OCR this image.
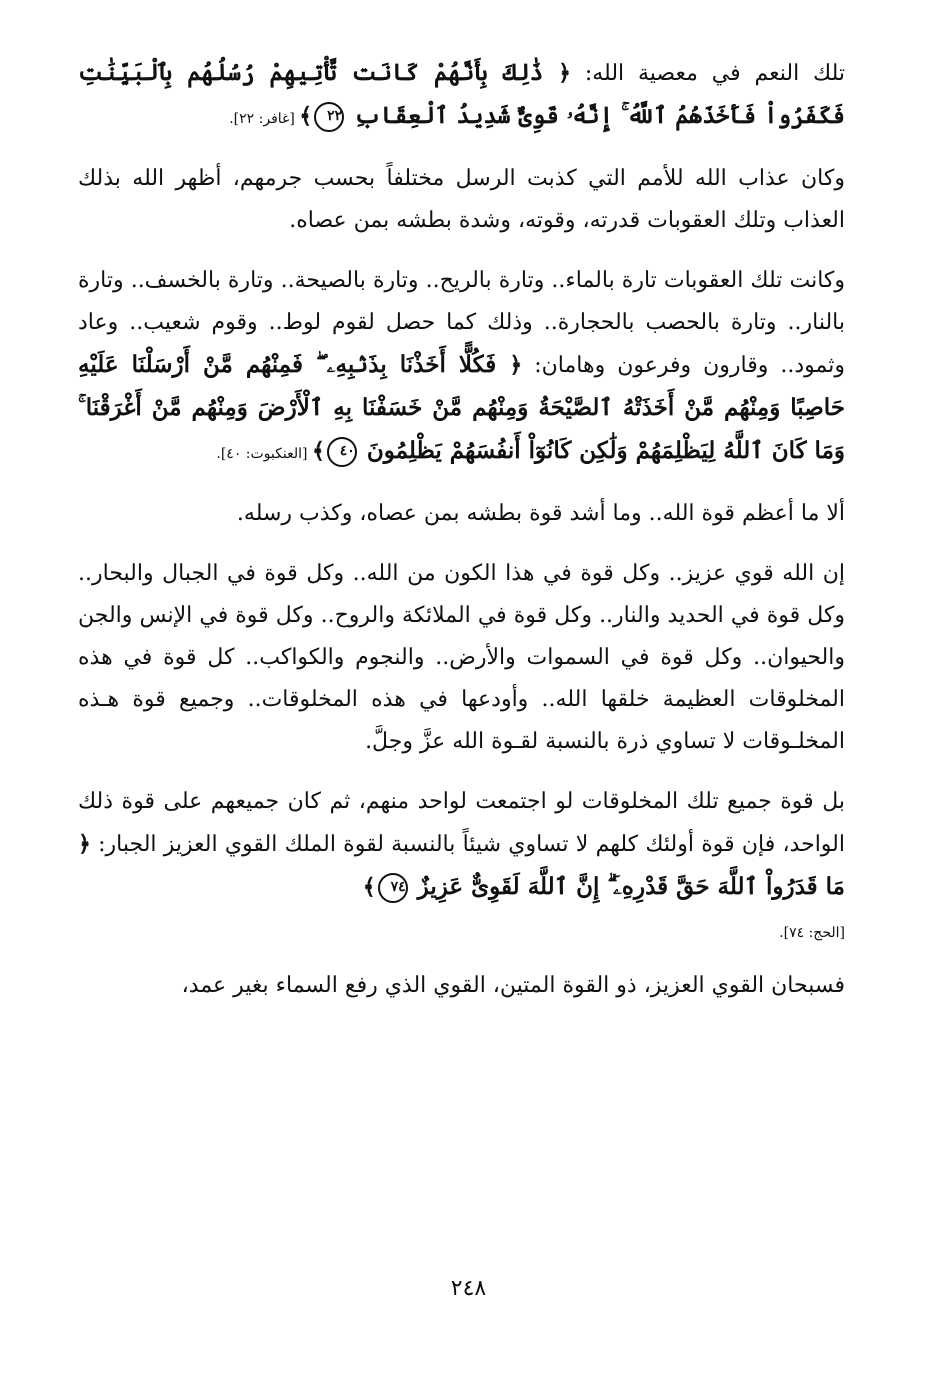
تلك النعم في معصية الله: ﴿ ذَٰلِكَ بِأَنَّهُمْ كَانَت تَّأْتِيهِمْ رُسُلُهُم بِٱلْبَيِّنَٰتِ فَكَفَرُواْ فَأَخَذَهُمُ ٱللَّهُ ۚ إِنَّهُۥ قَوِىٌّ شَدِيدُ ٱلْعِقَابِ ٢٢﴾ [غافر: ٢٢].

وكان عذاب الله للأمم التي كذبت الرسل مختلفاً بحسب جرمهم، أظهر الله بذلك العذاب وتلك العقوبات قدرته، وقوته، وشدة بطشه بمن عصاه.

وكانت تلك العقوبات تارة بالماء.. وتارة بالريح.. وتارة بالصيحة.. وتارة بالخسف.. وتارة بالنار.. وتارة بالحصب بالحجارة.. وذلك كما حصل لقوم لوط.. وقوم شعيب.. وعاد وثمود.. وقارون وفرعون وهامان: ﴿ فَكُلًّا أَخَذْنَا بِذَنۢبِهِۦ ۖ فَمِنْهُم مَّنْ أَرْسَلْنَا عَلَيْهِ حَاصِبًا وَمِنْهُم مَّنْ أَخَذَتْهُ ٱلصَّيْحَةُ وَمِنْهُم مَّنْ خَسَفْنَا بِهِ ٱلْأَرْضَ وَمِنْهُم مَّنْ أَغْرَقْنَا ۚ وَمَا كَانَ ٱللَّهُ لِيَظْلِمَهُمْ وَلَٰكِن كَانُوٓاْ أَنفُسَهُمْ يَظْلِمُونَ ٤٠﴾ [العنكبوت: ٤٠].

ألا ما أعظم قوة الله.. وما أشد قوة بطشه بمن عصاه، وكذب رسله.

إن الله قوي عزيز.. وكل قوة في هذا الكون من الله.. وكل قوة في الجبال والبحار.. وكل قوة في الحديد والنار.. وكل قوة في الملائكة والروح.. وكل قوة في الإنس والجن والحيوان.. وكل قوة في السموات والأرض.. والنجوم والكواكب.. كل قوة في هذه المخلوقات العظيمة خلقها الله.. وأودعها في هذه المخلوقات.. وجميع قوة هـذه المخلـوقات لا تساوي ذرة بالنسبة لقـوة الله عزَّ وجلَّ.

بل قوة جميع تلك المخلوقات لو اجتمعت لواحد منهم، ثم كان جميعهم على قوة ذلك الواحد، فإن قوة أولئك كلهم لا تساوي شيئاً بالنسبة لقوة الملك القوي العزيز الجبار: ﴿ مَا قَدَرُواْ ٱللَّهَ حَقَّ قَدْرِهِۦٓ ۗ إِنَّ ٱللَّهَ لَقَوِىٌّ عَزِيزٌ ٧٤﴾

[الحج: ٧٤].

فسبحان القوي العزيز، ذو القوة المتين، القوي الذي رفع السماء بغير عمد،

٢٤٨
